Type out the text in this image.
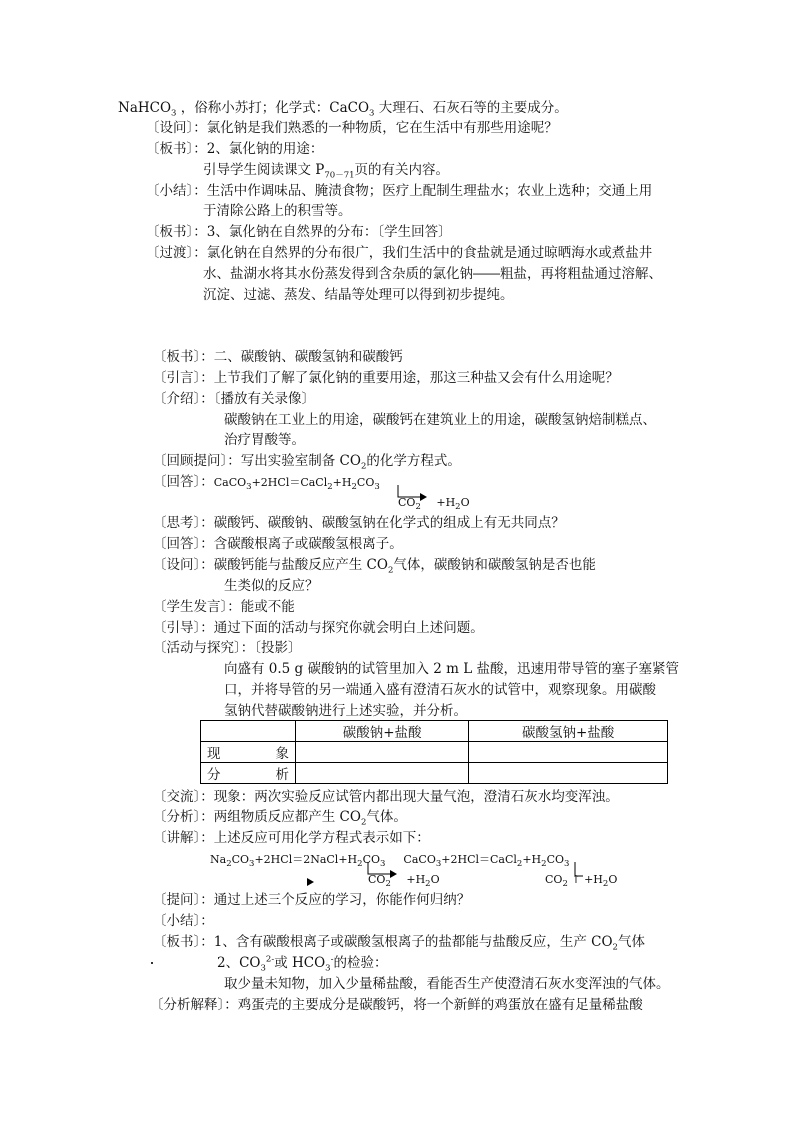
NaHCO$_3$ ，俗称小苏打；化学式：CaCO$_3$ 大理石、石灰石等的主要成分。
〔设问〕：氯化钠是我们熟悉的一种物质，它在生活中有那些用途呢？
〔板书〕：2、氯化钠的用途：
引导学生阅读课文 $P_{70-71}$页的有关内容。
〔小结〕：生活中作调味品、腌渍食物；医疗上配制生理盐水；农业上选种；交通上用
于清除公路上的积雪等。
〔板书〕：3、氯化钠在自然界的分布：〔学生回答〕
〔过渡〕：氯化钠在自然界的分布很广，我们生活中的食盐就是通过晾晒海水或煮盐井
水、盐湖水将其水份蒸发得到含杂质的氯化钠――粗盐，再将粗盐通过溶解、
沉淀、过滤、蒸发、结晶等处理可以得到初步提纯。
〔板书〕：二、碳酸钠、碳酸氢钠和碳酸钙
〔引言〕：上节我们了解了氯化钠的重要用途，那这三种盐又会有什么用途呢？
〔介绍〕：〔播放有关录像〕
碳酸钠在工业上的用途，碳酸钙在建筑业上的用途，碳酸氢钠焙制糕点、
治疗胃酸等。
〔回顾提问〕：写出实验室制备 $CO_2$的化学方程式。
〔回答〕：$CaCO_3+2HCl=CaCl_2+H_2CO_3$
$CO_2 +H_2O$
〔思考〕：碳酸钙、碳酸钠、碳酸氢钠在化学式的组成上有无共同点？
〔回答〕：含碳酸根离子或碳酸氢根离子。
〔设问〕：碳酸钙能与盐酸反应产生 $CO_2$气体，碳酸钠和碳酸氢钠是否也能
生类似的反应？
〔学生发言〕：能或不能
〔引导〕：通过下面的活动与探究你就会明白上述问题。
〔活动与探究〕：〔投影〕
向盛有 0.5 g 碳酸钠的试管里加入 2 m L 盐酸，迅速用带导管的塞子塞紧管
口，并将导管的另一端通入盛有澄清石灰水的试管中，观察现象。用碳酸
氢钠代替碳酸钠进行上述实验，并分析。
	碳酸钠+盐酸	碳酸氢钠+盐酸
现　　象		
分　　析		
〔交流〕：现象：两次实验反应试管内都出现大量气泡，澄清石灰水均变浑浊。
〔分析〕：两组物质反应都产生 $CO_2$气体。
〔讲解〕：上述反应可用化学方程式表示如下：
$Na_2CO_3+2HCl=2NaCl+H_2CO_3$ $CaCO_3+2HCl=CaCl_2+H_2CO_3$
$CO_2 +H_2O$	$CO_2$ ↑ $+H_2O$
〔提问〕：通过上述三个反应的学习，你能作何归纳？
〔小结〕：
〔板书〕：1、含有碳酸根离子或碳酸氢根离子的盐都能与盐酸反应，生产 $CO_2$气体
2、$CO_3^{2-}$或 $HCO_3^-$的检验：
取少量未知物，加入少量稀盐酸，看能否生产使澄清石灰水变浑浊的气体。
〔分析解释〕：鸡蛋壳的主要成分是碳酸钙，将一个新鲜的鸡蛋放在盛有足量稀盐酸
